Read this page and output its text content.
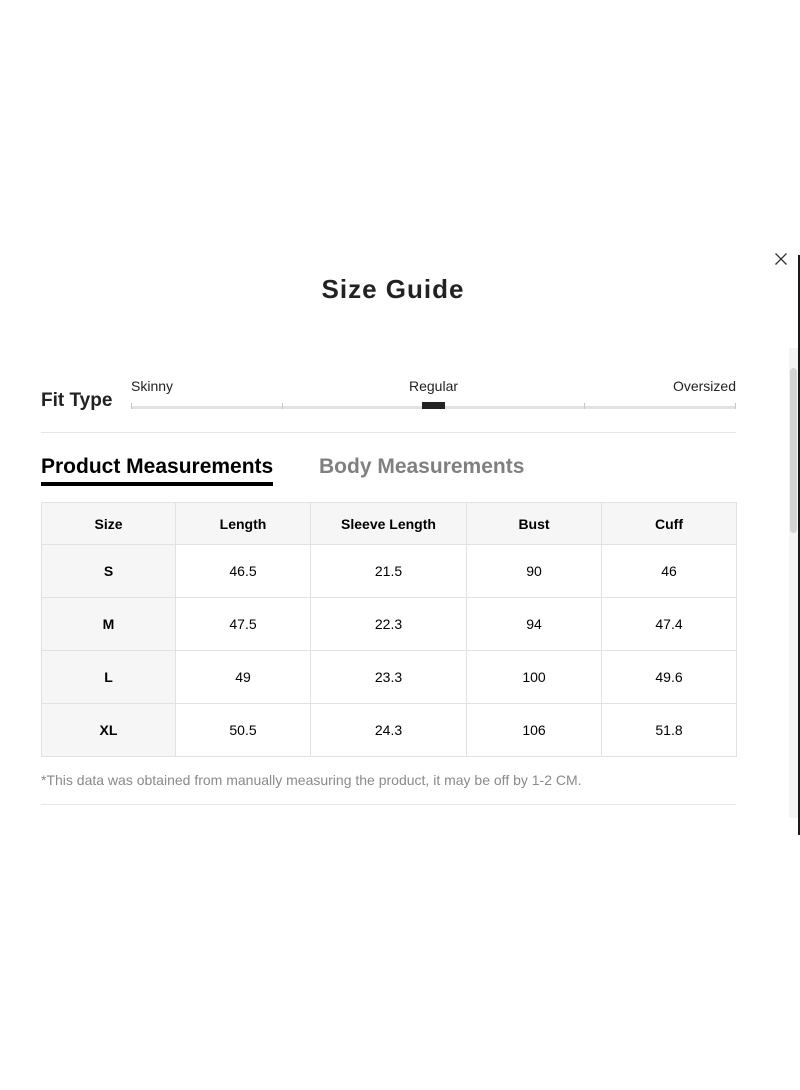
Size Guide
Fit Type
Skinny	Regular	Oversized
Product Measurements Body Measurements
Size	Length	Sleeve Length	Bust	Cuff
S	46.5	21.5	90	46
M	47.5	22.3	94	47.4
L	49	23.3	100	49.6
XL	50.5	24.3	106	51.8
*This data was obtained from manually measuring the product, it may be off by 1-2 CM.
